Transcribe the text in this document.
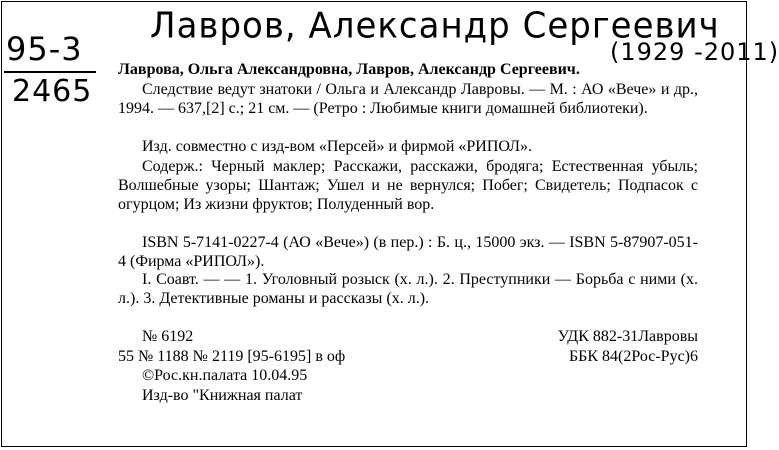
Лавров, Александр Сергеевич
(1929 -2011)
95-3
2465
Лаврова, Ольга Александровна, Лавров, Александр Сергеевич.
Следствие ведут знатоки / Ольга и Александр Лавровы. — М. : АО «Вече» и др., 1994. — 637,[2] с.; 21 см. — (Ретро : Любимые книги домашней библиотеки).
Изд. совместно с изд-вом «Персей» и фирмой «РИПОЛ».
Содерж.: Черный маклер; Расскажи, расскажи, бродяга; Естественная убыль; Волшебные узоры; Шантаж; Ушел и не вернулся; Побег; Свидетель; Подпасок с огурцом; Из жизни фруктов; Полуденный вор.
ISBN 5-7141-0227-4 (АО «Вече») (в пер.) : Б. ц., 15000 экз. — ISBN 5-87907-051-4 (Фирма «РИПОЛ»).
I. Соавт. — — 1. Уголовный розыск (х. л.). 2. Преступники — Борьба с ними (х. л.). 3. Детективные романы и рассказы (х. л.).
№ 6192
55 № 1188 № 2119 [95-6195] в оф
©Рос.кн.палата 10.04.95
Изд-во "Книжная палат
УДК 882-31Лавровы
ББК 84(2Рос-Рус)6
